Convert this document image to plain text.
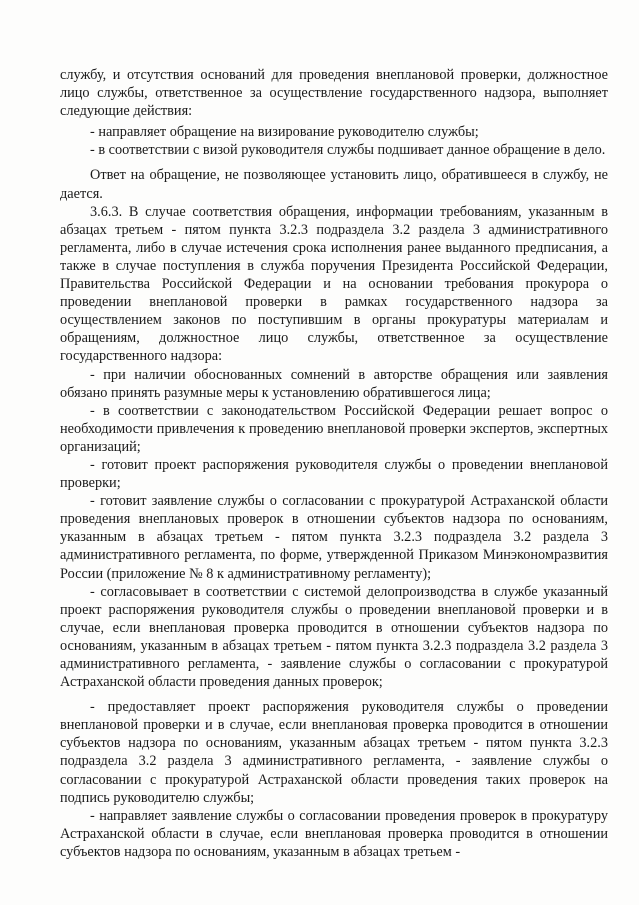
службу, и отсутствия оснований для проведения внеплановой проверки, должностное лицо службы, ответственное за осуществление государственного надзора, выполняет следующие действия:

- направляет обращение на визирование руководителю службы;

- в соответствии с визой руководителя службы подшивает данное обращение в дело.

Ответ на обращение, не позволяющее установить лицо, обратившееся в службу, не дается.

3.6.3. В случае соответствия обращения, информации требованиям, указанным в абзацах третьем - пятом пункта 3.2.3 подраздела 3.2 раздела 3 административного регламента, либо в случае истечения срока исполнения ранее выданного предписания, а также в случае поступления в служба поручения Президента Российской Федерации, Правительства Российской Федерации и на основании требования прокурора о проведении внеплановой проверки в рамках государственного надзора за осуществлением законов по поступившим в органы прокуратуры материалам и обращениям, должностное лицо службы, ответственное за осуществление государственного надзора:

- при наличии обоснованных сомнений в авторстве обращения или заявления обязано принять разумные меры к установлению обратившегося лица;

- в соответствии с законодательством Российской Федерации решает вопрос о необходимости привлечения к проведению внеплановой проверки экспертов, экспертных организаций;

- готовит проект распоряжения руководителя службы о проведении внеплановой проверки;

- готовит заявление службы о согласовании с прокуратурой Астраханской области проведения внеплановых проверок в отношении субъектов надзора по основаниям, указанным в абзацах третьем - пятом пункта 3.2.3 подраздела 3.2 раздела 3 административного регламента, по форме, утвержденной Приказом Минэкономразвития России (приложение № 8 к административному регламенту);

- согласовывает в соответствии с системой делопроизводства в службе указанный проект распоряжения руководителя службы о проведении внеплановой проверки и в случае, если внеплановая проверка проводится в отношении субъектов надзора по основаниям, указанным в абзацах третьем - пятом пункта 3.2.3 подраздела 3.2 раздела 3 административного регламента, - заявление службы о согласовании с прокуратурой Астраханской области проведения данных проверок;

- предоставляет проект распоряжения руководителя службы о проведении внеплановой проверки и в случае, если внеплановая проверка проводится в отношении субъектов надзора по основаниям, указанным абзацах третьем - пятом пункта 3.2.3 подраздела 3.2 раздела 3 административного регламента, - заявление службы о согласовании с прокуратурой Астраханской области проведения таких проверок на подпись руководителю службы;

- направляет заявление службы о согласовании проведения проверок в прокуратуру Астраханской области в случае, если внеплановая проверка проводится в отношении субъектов надзора по основаниям, указанным в абзацах третьем -
